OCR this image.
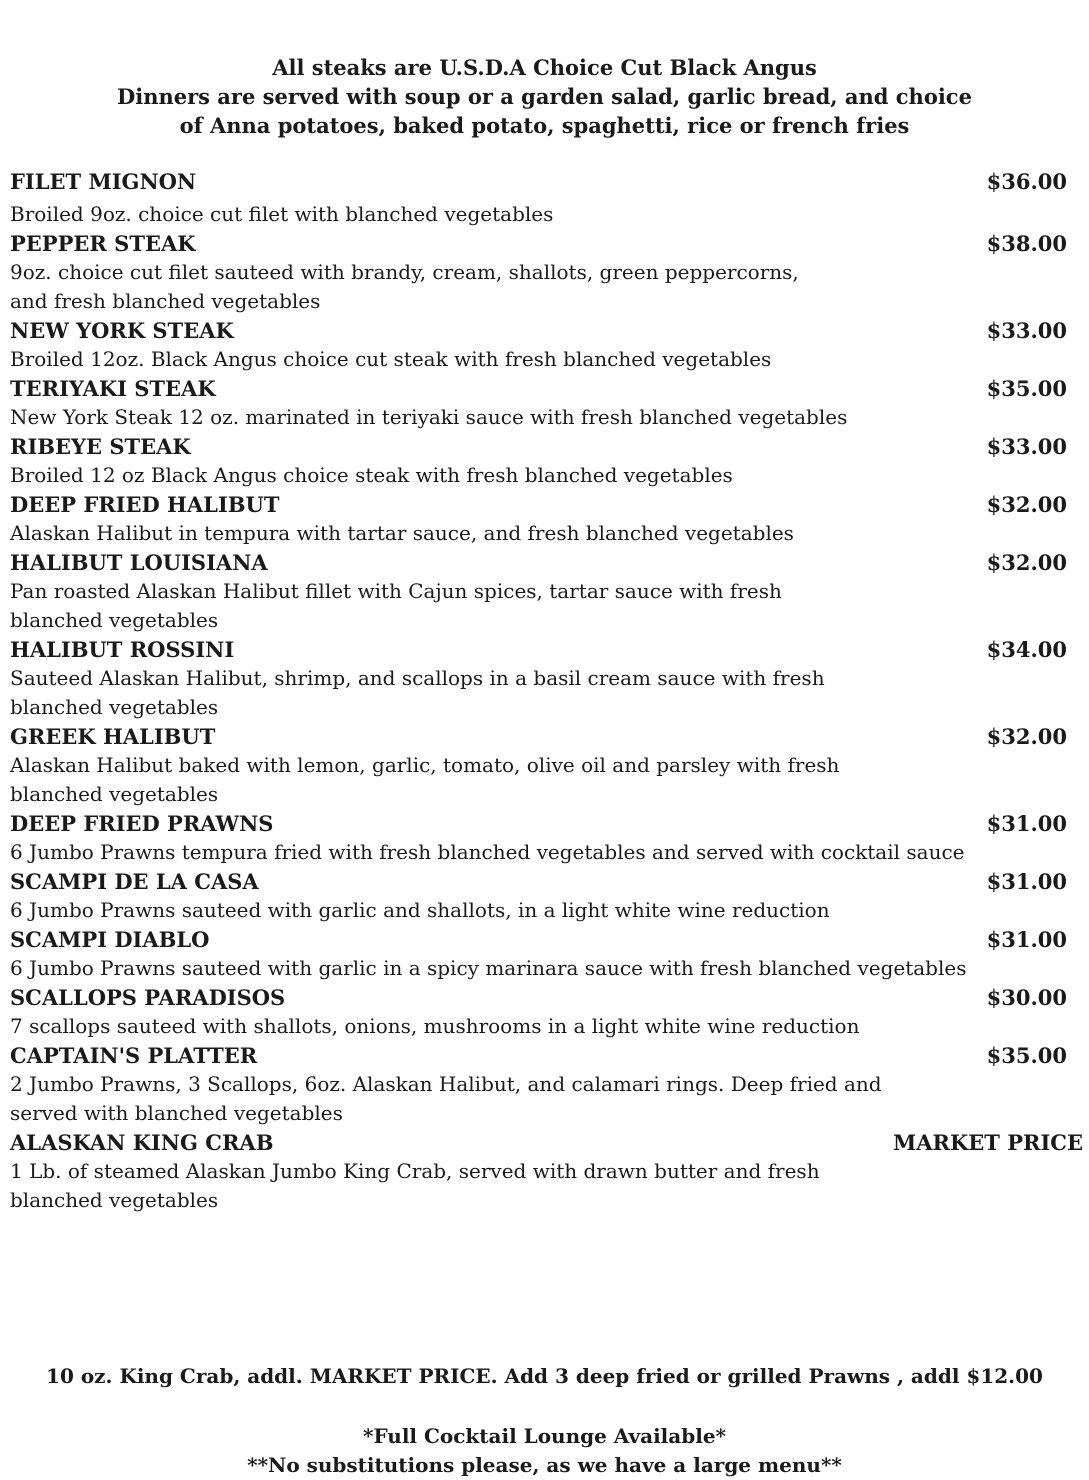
All steaks are U.S.D.A Choice Cut Black Angus
Dinners are served with soup or a garden salad, garlic bread, and choice
of Anna potatoes, baked potato, spaghetti, rice or french fries
FILET MIGNON	$36.00
Broiled 9oz. choice cut filet with blanched vegetables
PEPPER STEAK	$38.00
9oz. choice cut filet sauteed with brandy, cream, shallots, green peppercorns, and fresh blanched vegetables
NEW YORK STEAK	$33.00
Broiled 12oz. Black Angus choice cut steak with fresh blanched vegetables
TERIYAKI STEAK	$35.00
New York Steak 12 oz. marinated in teriyaki sauce with fresh blanched vegetables
RIBEYE STEAK	$33.00
Broiled 12 oz Black Angus choice steak with fresh blanched vegetables
DEEP FRIED HALIBUT	$32.00
Alaskan Halibut in tempura with tartar sauce, and fresh blanched vegetables
HALIBUT LOUISIANA	$32.00
Pan roasted Alaskan Halibut fillet with Cajun spices, tartar sauce with fresh blanched vegetables
HALIBUT ROSSINI	$34.00
Sauteed Alaskan Halibut, shrimp, and scallops in a basil cream sauce with fresh blanched vegetables
GREEK HALIBUT	$32.00
Alaskan Halibut baked with lemon, garlic, tomato, olive oil and parsley with fresh blanched vegetables
DEEP FRIED PRAWNS	$31.00
6 Jumbo Prawns tempura fried with fresh blanched vegetables and served with cocktail sauce
SCAMPI DE LA CASA	$31.00
6 Jumbo Prawns sauteed with garlic and shallots, in a light white wine reduction
SCAMPI DIABLO	$31.00
6 Jumbo Prawns sauteed with garlic in a spicy marinara sauce with fresh blanched vegetables
SCALLOPS PARADISOS	$30.00
7 scallops sauteed with shallots, onions, mushrooms in a light white wine reduction
CAPTAIN'S PLATTER	$35.00
2 Jumbo Prawns, 3 Scallops, 6oz. Alaskan Halibut, and calamari rings. Deep fried and served with blanched vegetables
ALASKAN KING CRAB	MARKET PRICE
1 Lb. of steamed Alaskan Jumbo King Crab, served with drawn butter and fresh blanched vegetables
10 oz. King Crab, addl. MARKET PRICE. Add 3 deep fried or grilled Prawns , addl $12.00
*Full Cocktail Lounge Available*
**No substitutions please, as we have a large menu**
